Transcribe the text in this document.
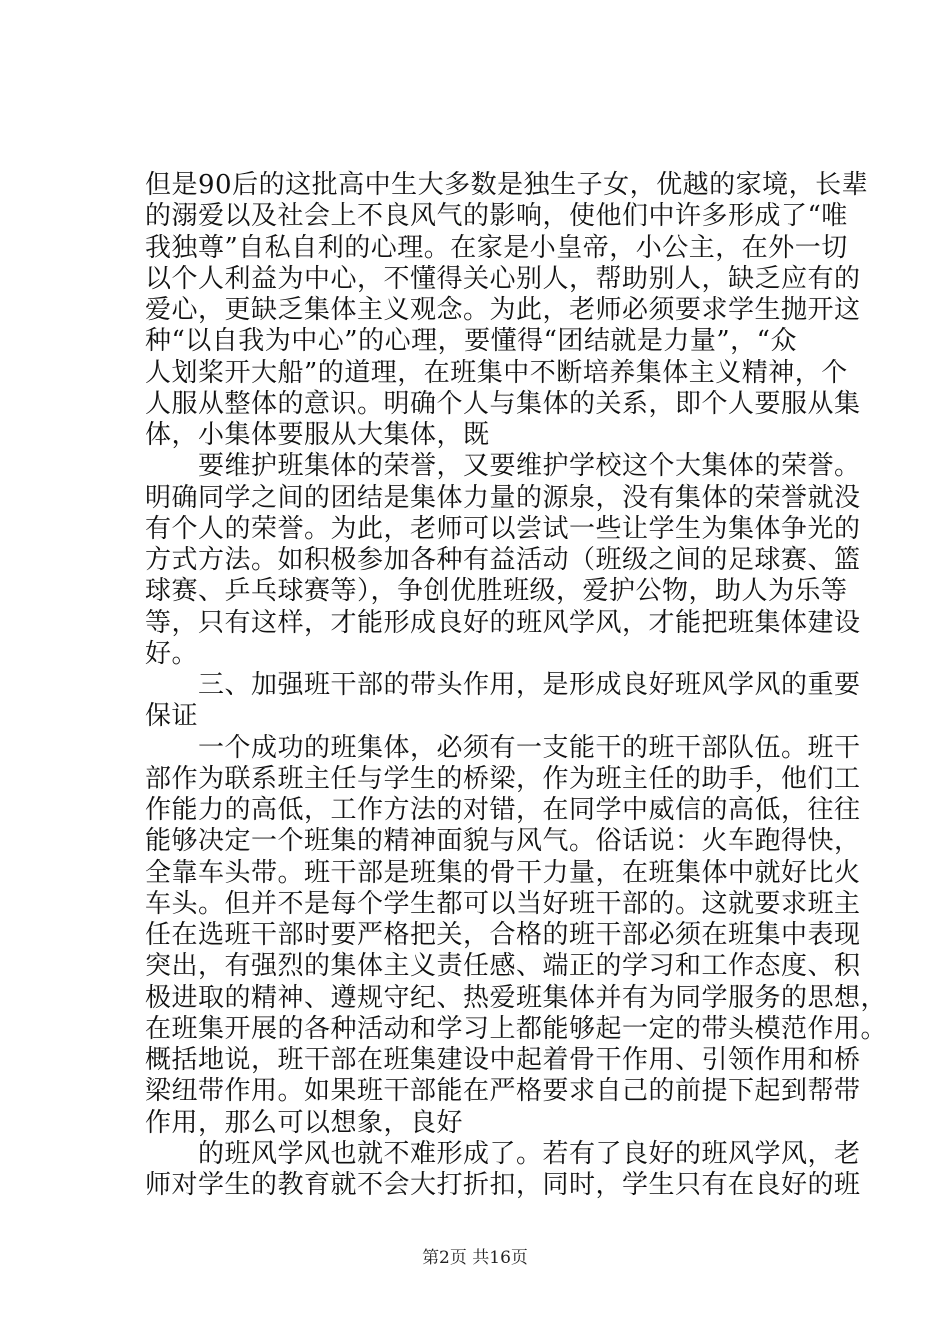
但是90后的这批高中生大多数是独生子女，优越的家境，长辈
的溺爱以及社会上不良风气的影响，使他们中许多形成了“唯
我独尊”自私自利的心理。在家是小皇帝，小公主，在外一切
以个人利益为中心，不懂得关心别人，帮助别人，缺乏应有的
爱心，更缺乏集体主义观念。为此，老师必须要求学生抛开这
种“以自我为中心”的心理，要懂得“团结就是力量”，“众
人划桨开大船”的道理，在班集中不断培养集体主义精神，个
人服从整体的意识。明确个人与集体的关系，即个人要服从集
体，小集体要服从大集体，既
　　要维护班集体的荣誉，又要维护学校这个大集体的荣誉。
明确同学之间的团结是集体力量的源泉，没有集体的荣誉就没
有个人的荣誉。为此，老师可以尝试一些让学生为集体争光的
方式方法。如积极参加各种有益活动（班级之间的足球赛、篮
球赛、乒乓球赛等），争创优胜班级，爱护公物，助人为乐等
等，只有这样，才能形成良好的班风学风，才能把班集体建设
好。
　　三、加强班干部的带头作用，是形成良好班风学风的重要
保证
　　一个成功的班集体，必须有一支能干的班干部队伍。班干
部作为联系班主任与学生的桥梁，作为班主任的助手，他们工
作能力的高低，工作方法的对错，在同学中威信的高低，往往
能够决定一个班集的精神面貌与风气。俗话说：火车跑得快，
全靠车头带。班干部是班集的骨干力量，在班集体中就好比火
车头。但并不是每个学生都可以当好班干部的。这就要求班主
任在选班干部时要严格把关，合格的班干部必须在班集中表现
突出，有强烈的集体主义责任感、端正的学习和工作态度、积
极进取的精神、遵规守纪、热爱班集体并有为同学服务的思想，
在班集开展的各种活动和学习上都能够起一定的带头模范作用。
概括地说，班干部在班集建设中起着骨干作用、引领作用和桥
梁纽带作用。如果班干部能在严格要求自己的前提下起到帮带
作用，那么可以想象，良好
　　的班风学风也就不难形成了。若有了良好的班风学风，老
师对学生的教育就不会大打折扣，同时，学生只有在良好的班
第2页 共16页
